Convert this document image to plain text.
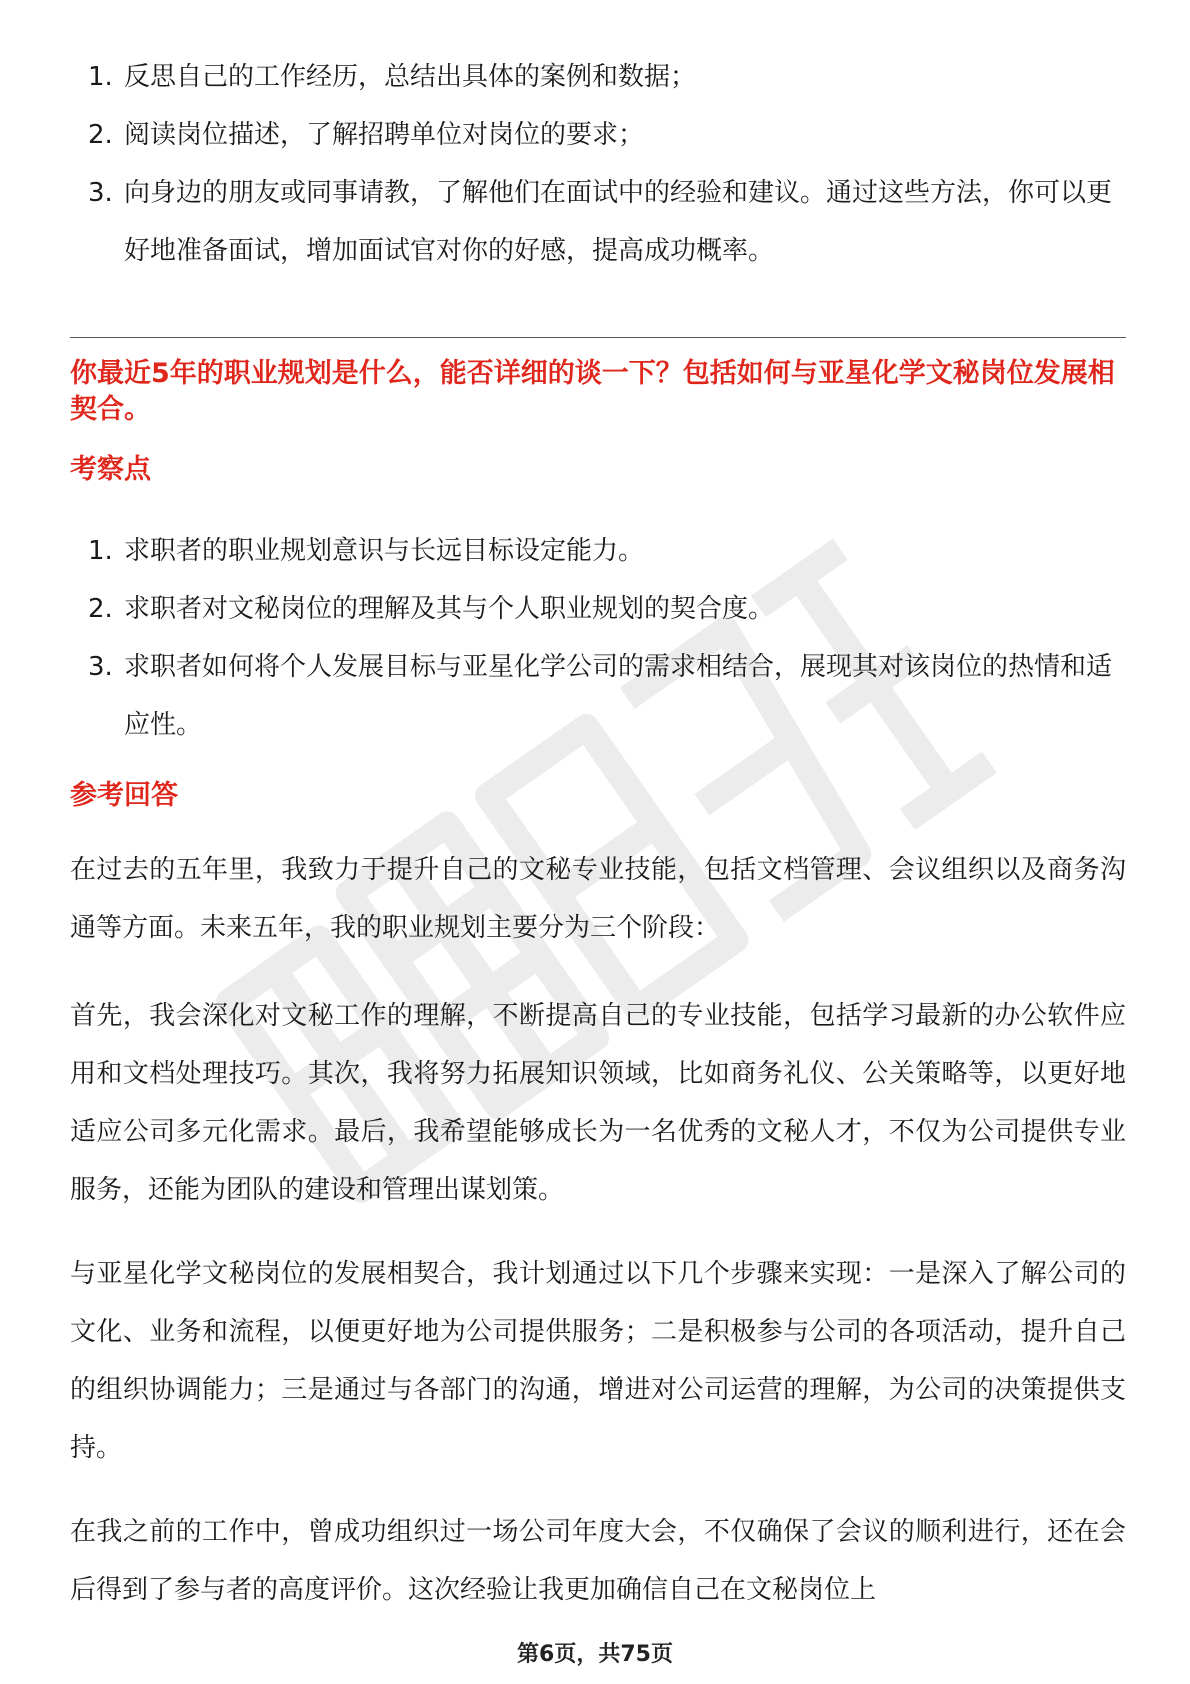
1. 反思自己的工作经历，总结出具体的案例和数据；
2. 阅读岗位描述，了解招聘单位对岗位的要求；
3. 向身边的朋友或同事请教，了解他们在面试中的经验和建议。通过这些方法，你可以更好地准备面试，增加面试官对你的好感，提高成功概率。

你最近5年的职业规划是什么，能否详细的谈一下？包括如何与亚星化学文秘岗位发展相契合。

考察点

1. 求职者的职业规划意识与长远目标设定能力。
2. 求职者对文秘岗位的理解及其与个人职业规划的契合度。
3. 求职者如何将个人发展目标与亚星化学公司的需求相结合，展现其对该岗位的热情和适应性。

参考回答

在过去的五年里，我致力于提升自己的文秘专业技能，包括文档管理、会议组织以及商务沟通等方面。未来五年，我的职业规划主要分为三个阶段：

首先，我会深化对文秘工作的理解，不断提高自己的专业技能，包括学习最新的办公软件应用和文档处理技巧。其次，我将努力拓展知识领域，比如商务礼仪、公关策略等，以更好地适应公司多元化需求。最后，我希望能够成长为一名优秀的文秘人才，不仅为公司提供专业服务，还能为团队的建设和管理出谋划策。

与亚星化学文秘岗位的发展相契合，我计划通过以下几个步骤来实现：一是深入了解公司的文化、业务和流程，以便更好地为公司提供服务；二是积极参与公司的各项活动，提升自己的组织协调能力；三是通过与各部门的沟通，增进对公司运营的理解，为公司的决策提供支持。

在我之前的工作中，曾成功组织过一场公司年度大会，不仅确保了会议的顺利进行，还在会后得到了参与者的高度评价。这次经验让我更加确信自己在文秘岗位上

第6页，共75页
